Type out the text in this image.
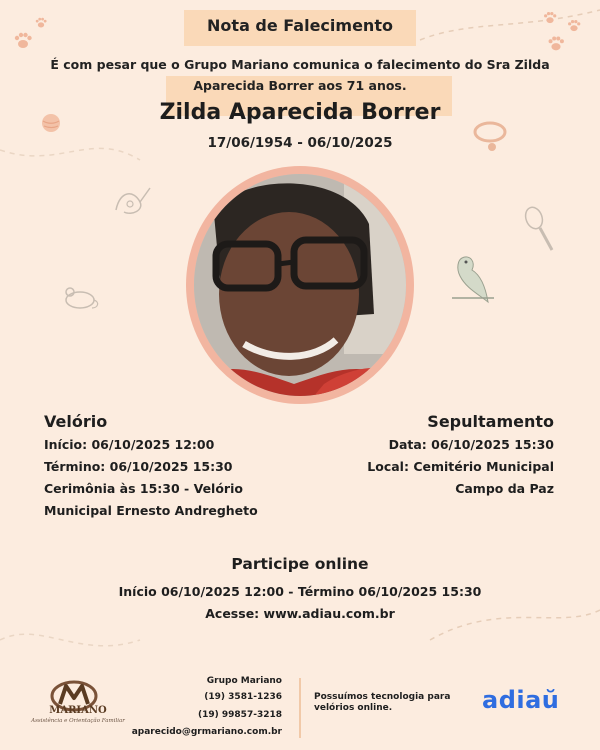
Nota de Falecimento
É com pesar que o Grupo Mariano comunica o falecimento do Sra Zilda
Aparecida Borrer aos 71 anos.
Zilda Aparecida Borrer
17/06/1954 - 06/10/2025
Velório
Início: 06/10/2025 12:00
Término: 06/10/2025 15:30
Cerimônia às 15:30 - Velório
Municipal Ernesto Andregheto
Sepultamento
Data: 06/10/2025 15:30
Local: Cemitério Municipal
Campo da Paz
Participe online
Início 06/10/2025 12:00 - Término 06/10/2025 15:30
Acesse: www.adiau.com.br
MARIANO
Assistência e Orientação Familiar
Grupo Mariano
(19) 3581-1236
(19) 99857-3218
aparecido@grmariano.com.br
Possuímos tecnologia para
velórios online.	adiaŭ
